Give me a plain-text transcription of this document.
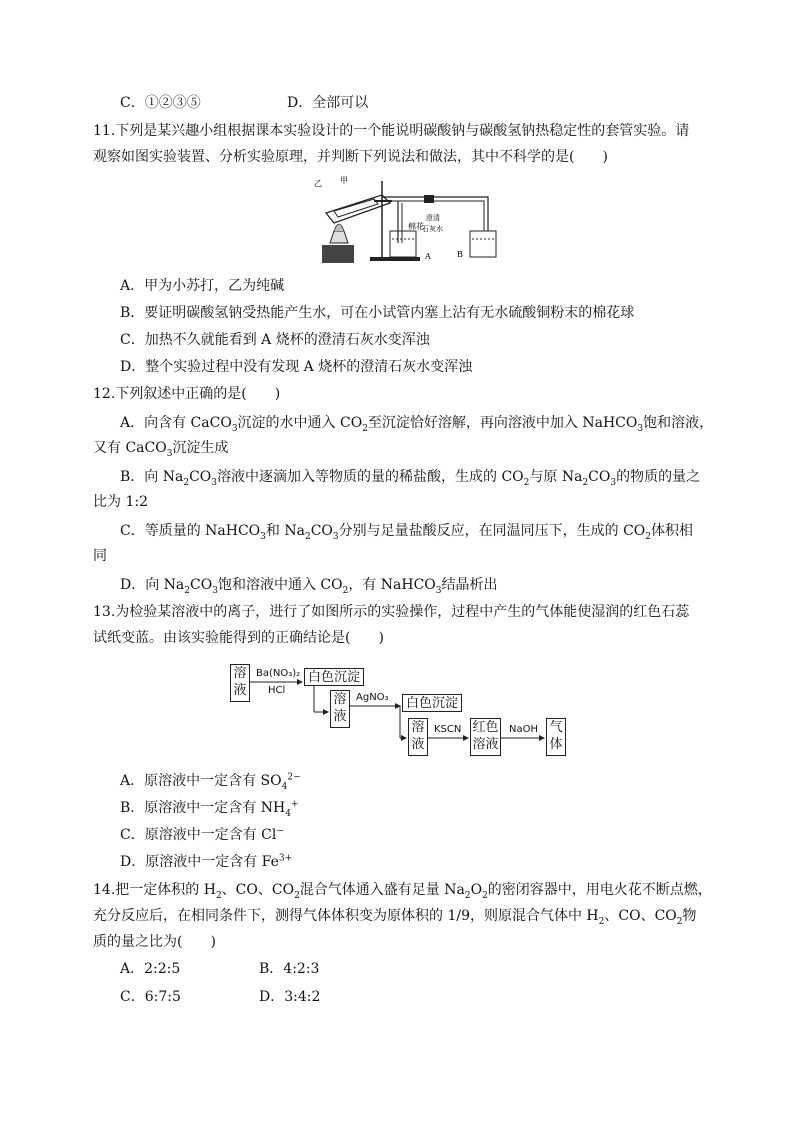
C．①②③⑤	D．全部可以
11.下列是某兴趣小组根据课本实验设计的一个能说明碳酸钠与碳酸氢钠热稳定性的套管实验。请
观察如图实验装置、分析实验原理，并判断下列说法和做法，其中不科学的是(　　)
乙 甲
棉花
澄清
石灰水
A	B
A．甲为小苏打，乙为纯碱
B．要证明碳酸氢钠受热能产生水，可在小试管内塞上沾有无水硫酸铜粉末的棉花球
C．加热不久就能看到 A 烧杯的澄清石灰水变浑浊
D．整个实验过程中没有发现 A 烧杯的澄清石灰水变浑浊
12.下列叙述中正确的是(　　)
A．向含有 CaCO$_3$沉淀的水中通入 $CO_2$至沉淀恰好溶解，再向溶液中加入 NaHCO$_3$饱和溶液，
又有 CaCO$_3$沉淀生成
B．向 $Na_2CO_3$溶液中逐滴加入等物质的量的稀盐酸，生成的 $CO_2$与原 $Na_2CO_3$的物质的量之
比为 1:2
C．等质量的 NaHCO$_3$和 $Na_2CO_3$分别与足量盐酸反应，在同温同压下，生成的 $CO_2$体积相
同
D．向 $Na_2CO_3$饱和溶液中通入 $CO_2$，有 NaHCO$_3$结晶析出
13.为检验某溶液中的离子，进行了如图所示的实验操作，过程中产生的气体能使湿润的红色石蕊
试纸变蓝。由该实验能得到的正确结论是(　　)
溶液
Ba(NO₃)₂
HCl
白色沉淀
溶液
AgNO₃	白色沉淀
溶液
KSCN 红色溶液
NaOH 气体
A．原溶液中一定含有 $SO_4^{2-}$
B．原溶液中一定含有 $NH_4^+$
C．原溶液中一定含有 Cl−
D．原溶液中一定含有 $Fe^{3+}$
14.把一定体积的 $H_2$、CO、$CO_2$混合气体通入盛有足量 $Na_2O_2$的密闭容器中，用电火花不断点燃，
充分反应后，在相同条件下，测得气体体积变为原体积的 1/9，则原混合气体中 $H_2$、CO、$CO_2$物
质的量之比为(　　)
A．2:2:5	B．4:2:3
C．6:7:5	D．3:4:2
